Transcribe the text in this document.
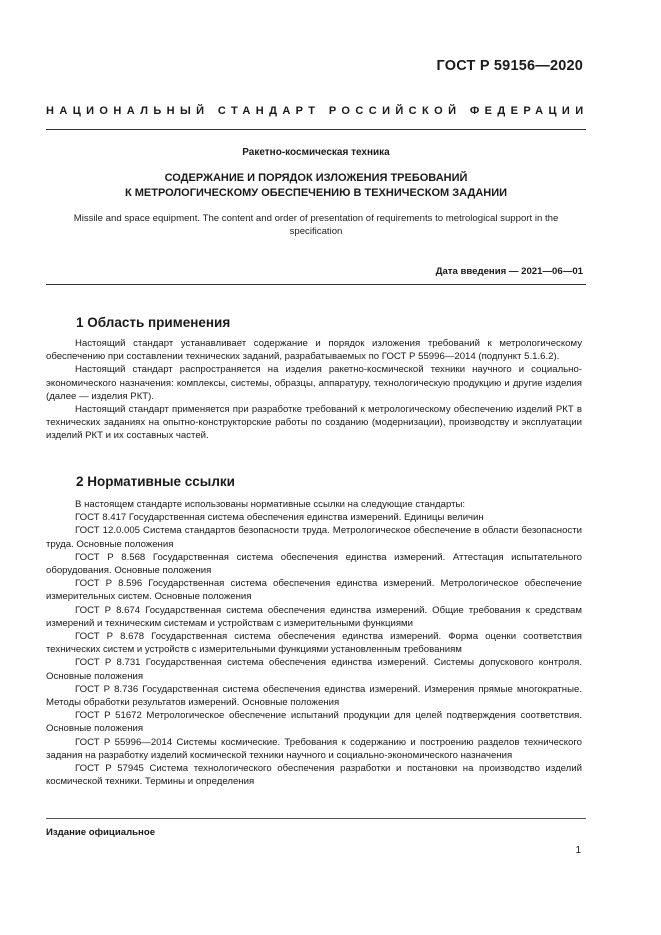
ГОСТ Р 59156—2020
НАЦИОНАЛЬНЫЙ СТАНДАРТ РОССИЙСКОЙ ФЕДЕРАЦИИ
Ракетно-космическая техника
СОДЕРЖАНИЕ И ПОРЯДОК ИЗЛОЖЕНИЯ ТРЕБОВАНИЙ
К МЕТРОЛОГИЧЕСКОМУ ОБЕСПЕЧЕНИЮ В ТЕХНИЧЕСКОМ ЗАДАНИИ
Missile and space equipment. The content and order of presentation of requirements to metrological support in the specification
Дата введения — 2021—06—01
1 Область применения

Настоящий стандарт устанавливает содержание и порядок изложения требований к метрологическому обеспечению при составлении технических заданий, разрабатываемых по ГОСТ Р 55996—2014 (подпункт 5.1.6.2).

Настоящий стандарт распространяется на изделия ракетно-космической техники научного и социально-экономического назначения: комплексы, системы, образцы, аппаратуру, технологическую продукцию и другие изделия (далее — изделия РКТ).

Настоящий стандарт применяется при разработке требований к метрологическому обеспечению изделий РКТ в технических заданиях на опытно-конструкторские работы по созданию (модернизации), производству и эксплуатации изделий РКТ и их составных частей.

2 Нормативные ссылки

В настоящем стандарте использованы нормативные ссылки на следующие стандарты:

ГОСТ 8.417 Государственная система обеспечения единства измерений. Единицы величин

ГОСТ 12.0.005 Система стандартов безопасности труда. Метрологическое обеспечение в области безопасности труда. Основные положения

ГОСТ Р 8.568 Государственная система обеспечения единства измерений. Аттестация испытательного оборудования. Основные положения

ГОСТ Р 8.596 Государственная система обеспечения единства измерений. Метрологическое обеспечение измерительных систем. Основные положения

ГОСТ Р 8.674 Государственная система обеспечения единства измерений. Общие требования к средствам измерений и техническим системам и устройствам с измерительными функциями

ГОСТ Р 8.678 Государственная система обеспечения единства измерений. Форма оценки соответствия технических систем и устройств с измерительными функциями установленным требованиям

ГОСТ Р 8.731 Государственная система обеспечения единства измерений. Системы допускового контроля. Основные положения

ГОСТ Р 8.736 Государственная система обеспечения единства измерений. Измерения прямые многократные. Методы обработки результатов измерений. Основные положения

ГОСТ Р 51672 Метрологическое обеспечение испытаний продукции для целей подтверждения соответствия. Основные положения

ГОСТ Р 55996—2014 Системы космические. Требования к содержанию и построению разделов технического задания на разработку изделий космической техники научного и социально-экономического назначения

ГОСТ Р 57945 Система технологического обеспечения разработки и постановки на производство изделий космической техники. Термины и определения

Издание официальное
1
